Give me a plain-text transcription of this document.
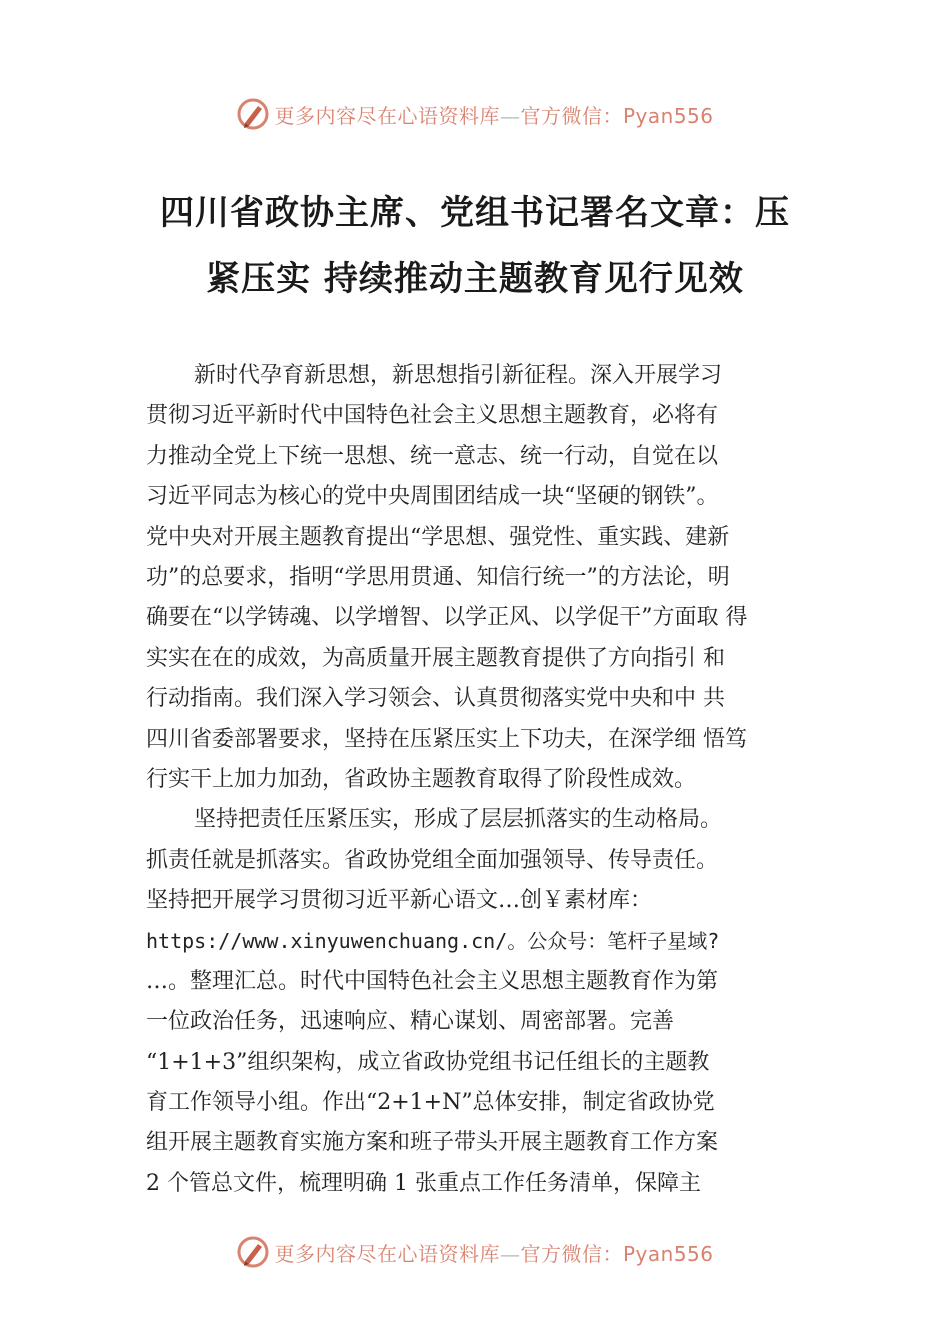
更多内容尽在心语资料库—官方微信：Pyan556
四川省政协主席、党组书记署名文章：压
紧压实 持续推动主题教育见行见效
新时代孕育新思想，新思想指引新征程。深入开展学习
贯彻习近平新时代中国特色社会主义思想主题教育，必将有
力推动全党上下统一思想、统一意志、统一行动，自觉在以
习近平同志为核心的党中央周围团结成一块“坚硬的钢铁”。
党中央对开展主题教育提出“学思想、强党性、重实践、建新
功”的总要求，指明“学思用贯通、知信行统一”的方法论，明
确要在“以学铸魂、以学增智、以学正风、以学促干”方面取 得
实实在在的成效，为高质量开展主题教育提供了方向指引 和
行动指南。我们深入学习领会、认真贯彻落实党中央和中 共
四川省委部署要求，坚持在压紧压实上下功夫，在深学细 悟笃
行实干上加力加劲，省政协主题教育取得了阶段性成效。
坚持把责任压紧压实，形成了层层抓落实的生动格局。
抓责任就是抓落实。省政协党组全面加强领导、传导责任。
坚持把开展学习贯彻习近平新心语文…创￥素材库：
https://www.xinyuwenchuang.cn/。公众号：笔杆子星域?
…。整理汇总。时代中国特色社会主义思想主题教育作为第
一位政治任务，迅速响应、精心谋划、周密部署。完善
“1+1+3”组织架构，成立省政协党组书记任组长的主题教
育工作领导小组。作出“2+1+N”总体安排，制定省政协党
组开展主题教育实施方案和班子带头开展主题教育工作方案
2 个管总文件，梳理明确 1 张重点工作任务清单，保障主
更多内容尽在心语资料库—官方微信：Pyan556
